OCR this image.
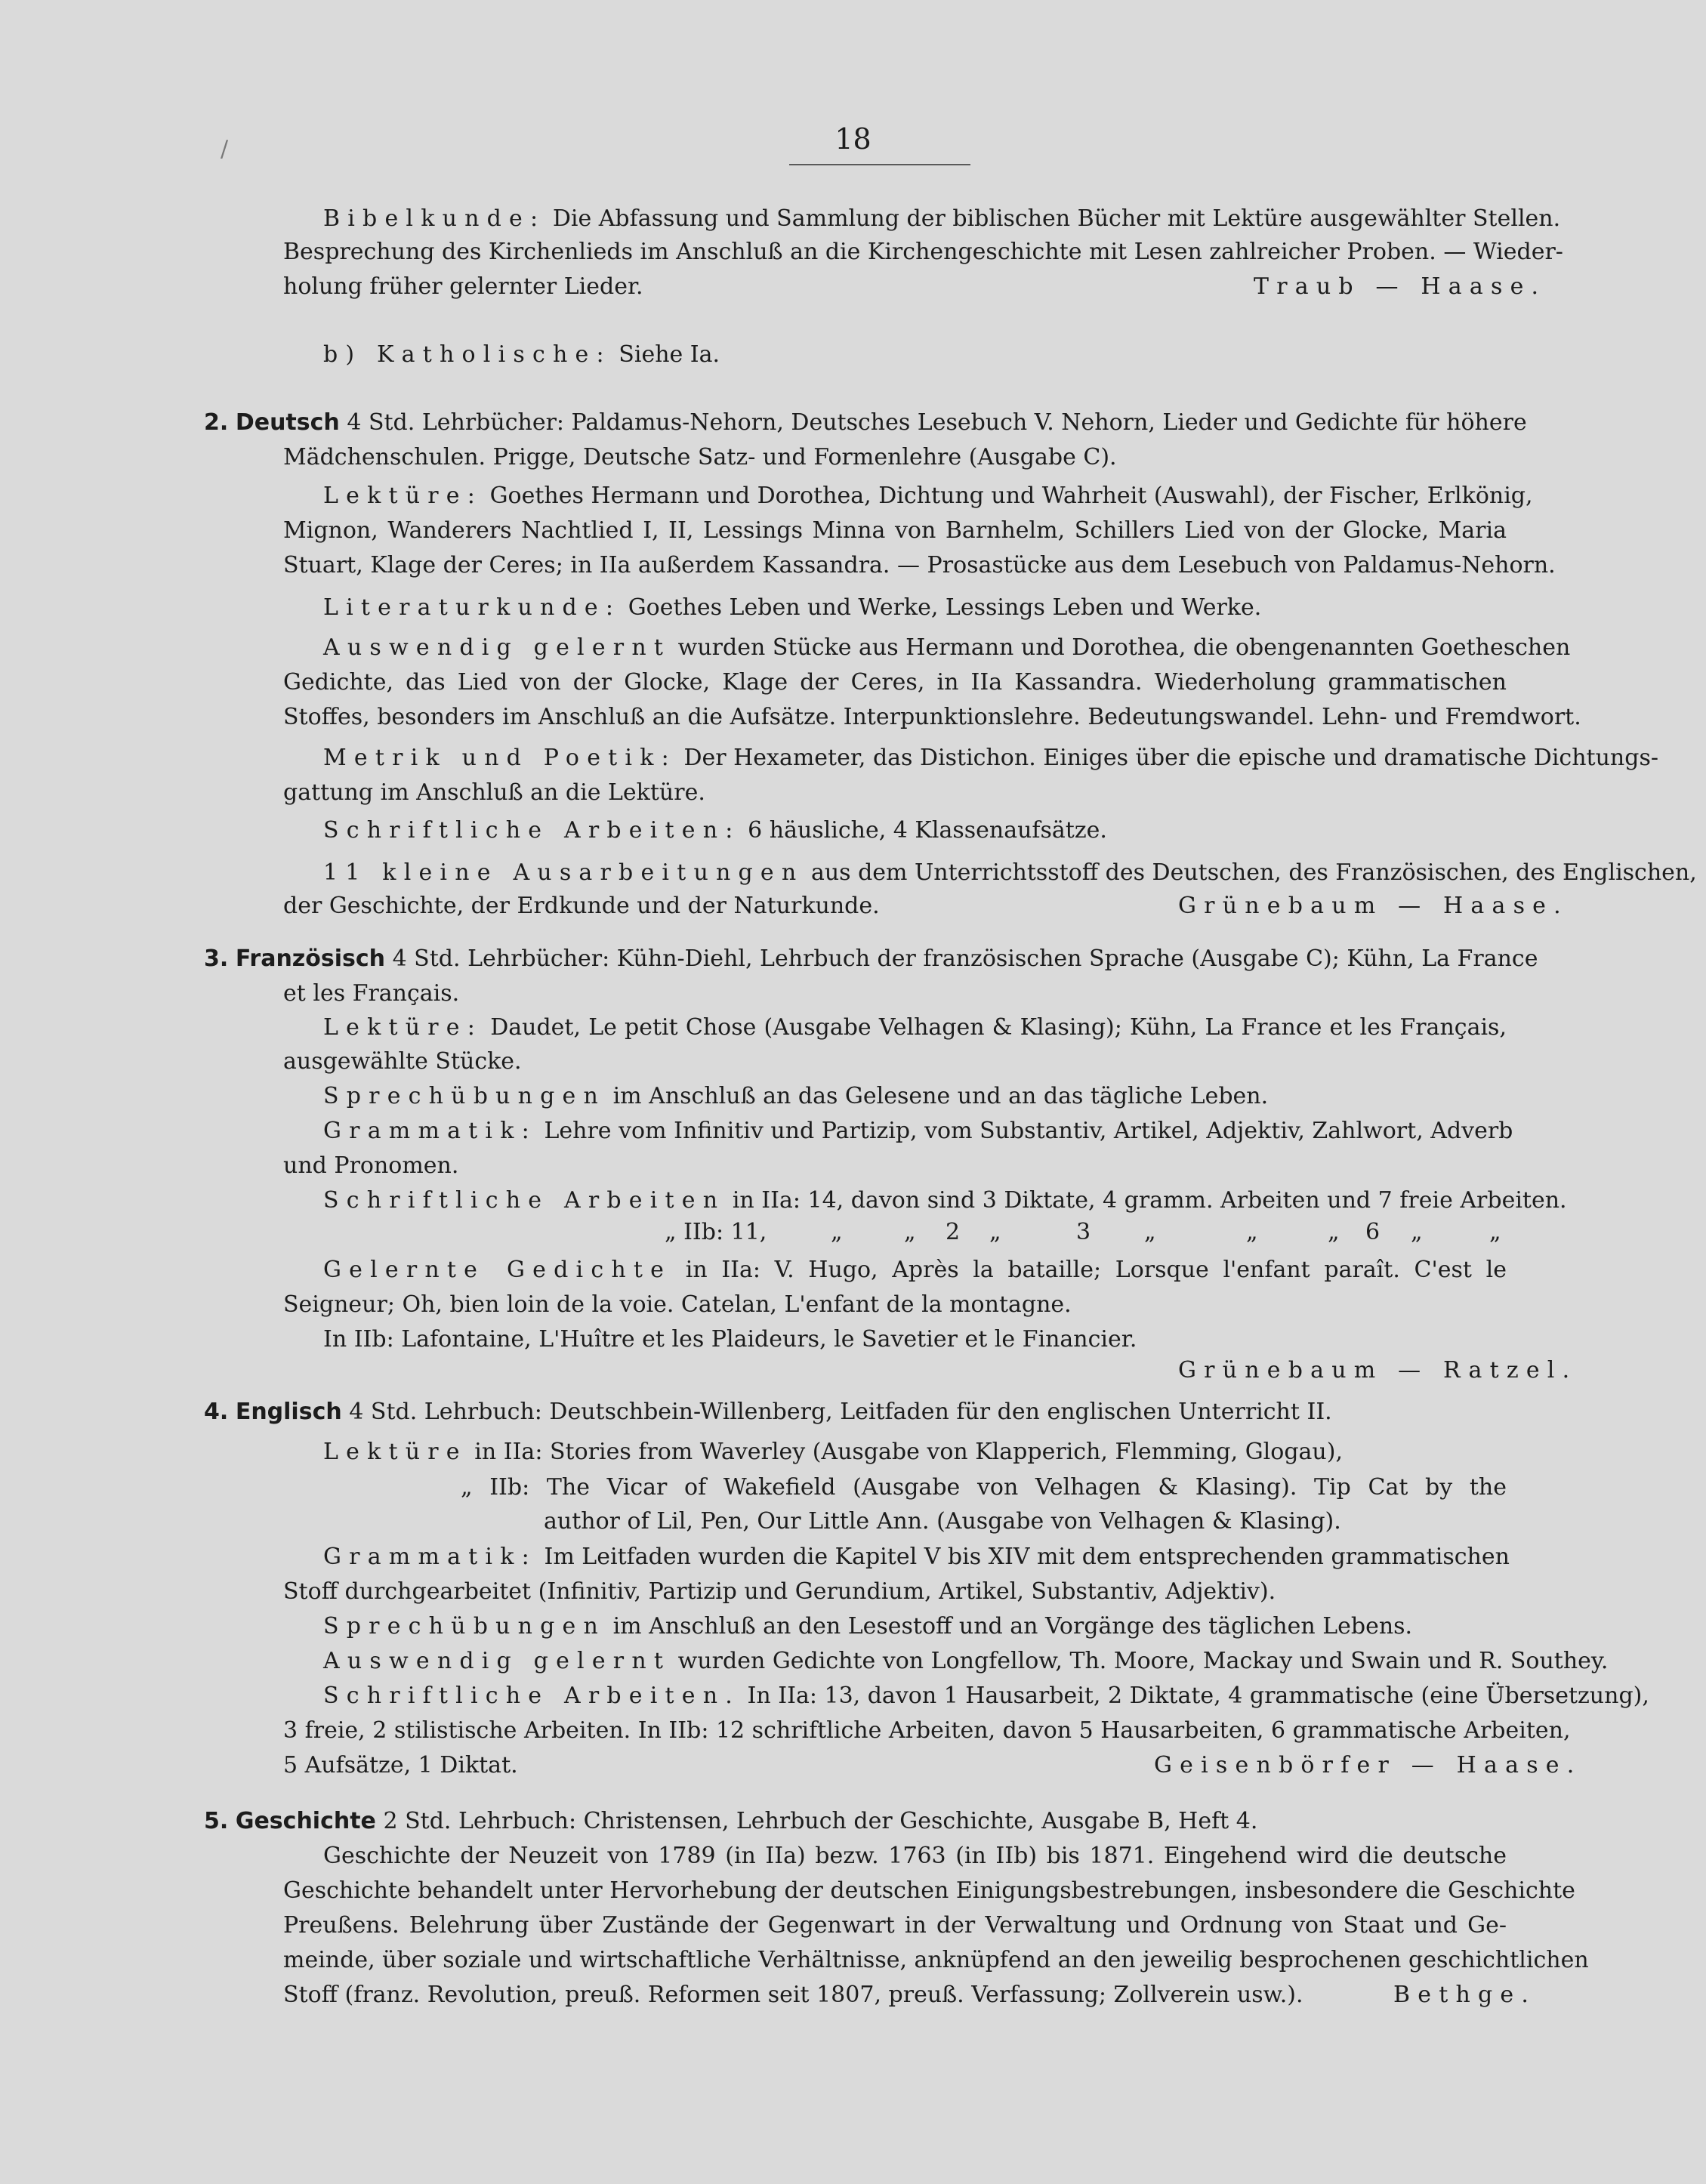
/	18
Bibelkunde: Die Abfassung und Sammlung der biblischen Bücher mit Lektüre ausgewählter Stellen.
Besprechung des Kirchenlieds im Anschluß an die Kirchengeschichte mit Lesen zahlreicher Proben. — Wieder-
holung früher gelernter Lieder.	Traub — Haase.
b) Katholische: Siehe Ia.
2. Deutsch 4 Std. Lehrbücher: Paldamus-Nehorn, Deutsches Lesebuch V. Nehorn, Lieder und Gedichte für höhere
Mädchenschulen. Prigge, Deutsche Satz- und Formenlehre (Ausgabe C).
Lektüre: Goethes Hermann und Dorothea, Dichtung und Wahrheit (Auswahl), der Fischer, Erlkönig,
Mignon, Wanderers Nachtlied I, II, Lessings Minna von Barnhelm, Schillers Lied von der Glocke, Maria
Stuart, Klage der Ceres; in IIa außerdem Kassandra. — Prosastücke aus dem Lesebuch von Paldamus-Nehorn.
Literaturkunde: Goethes Leben und Werke, Lessings Leben und Werke.
Auswendig gelernt wurden Stücke aus Hermann und Dorothea, die obengenannten Goetheschen
Gedichte, das Lied von der Glocke, Klage der Ceres, in IIa Kassandra. Wiederholung grammatischen
Stoffes, besonders im Anschluß an die Aufsätze. Interpunktionslehre. Bedeutungswandel. Lehn- und Fremdwort.
Metrik und Poetik: Der Hexameter, das Distichon. Einiges über die epische und dramatische Dichtungs-
gattung im Anschluß an die Lektüre.
Schriftliche Arbeiten: 6 häusliche, 4 Klassenaufsätze.
11 kleine Ausarbeitungen aus dem Unterrichtsstoff des Deutschen, des Französischen, des Englischen,
der Geschichte, der Erdkunde und der Naturkunde.	Grünebaum — Haase.
3. Französisch 4 Std. Lehrbücher: Kühn-Diehl, Lehrbuch der französischen Sprache (Ausgabe C); Kühn, La France
et les Français.
Lektüre: Daudet, Le petit Chose (Ausgabe Velhagen & Klasing); Kühn, La France et les Français,
ausgewählte Stücke.
Sprechübungen im Anschluß an das Gelesene und an das tägliche Leben.
Grammatik: Lehre vom Infinitiv und Partizip, vom Substantiv, Artikel, Adjektiv, Zahlwort, Adverb
und Pronomen.
Schriftliche Arbeiten in IIa: 14, davon sind 3 Diktate, 4 gramm. Arbeiten und 7 freie Arbeiten.
„ IIb: 11,	„	„ 2 „	3 „	„	„ 6 „	„
Gelernte Gedichte in IIa: V. Hugo, Après la bataille; Lorsque l'enfant paraît. C'est le
Seigneur; Oh, bien loin de la voie. Catelan, L'enfant de la montagne.
In IIb: Lafontaine, L'Huître et les Plaideurs, le Savetier et le Financier.
Grünebaum — Ratzel.
4. Englisch 4 Std. Lehrbuch: Deutschbein-Willenberg, Leitfaden für den englischen Unterricht II.
Lektüre in IIa: Stories from Waverley (Ausgabe von Klapperich, Flemming, Glogau),
„ IIb: The Vicar of Wakefield (Ausgabe von Velhagen & Klasing). Tip Cat by the
author of Lil, Pen, Our Little Ann. (Ausgabe von Velhagen & Klasing).
Grammatik: Im Leitfaden wurden die Kapitel V bis XIV mit dem entsprechenden grammatischen
Stoff durchgearbeitet (Infinitiv, Partizip und Gerundium, Artikel, Substantiv, Adjektiv).
Sprechübungen im Anschluß an den Lesestoff und an Vorgänge des täglichen Lebens.
Auswendig gelernt wurden Gedichte von Longfellow, Th. Moore, Mackay und Swain und R. Southey.
Schriftliche Arbeiten. In IIa: 13, davon 1 Hausarbeit, 2 Diktate, 4 grammatische (eine Übersetzung),
3 freie, 2 stilistische Arbeiten. In IIb: 12 schriftliche Arbeiten, davon 5 Hausarbeiten, 6 grammatische Arbeiten,
5 Aufsätze, 1 Diktat.	Geisenbörfer — Haase.
5. Geschichte 2 Std. Lehrbuch: Christensen, Lehrbuch der Geschichte, Ausgabe B, Heft 4.
Geschichte der Neuzeit von 1789 (in IIa) bezw. 1763 (in IIb) bis 1871. Eingehend wird die deutsche
Geschichte behandelt unter Hervorhebung der deutschen Einigungsbestrebungen, insbesondere die Geschichte
Preußens. Belehrung über Zustände der Gegenwart in der Verwaltung und Ordnung von Staat und Ge-
meinde, über soziale und wirtschaftliche Verhältnisse, anknüpfend an den jeweilig besprochenen geschichtlichen
Stoff (franz. Revolution, preuß. Reformen seit 1807, preuß. Verfassung; Zollverein usw.).	Bethge.
